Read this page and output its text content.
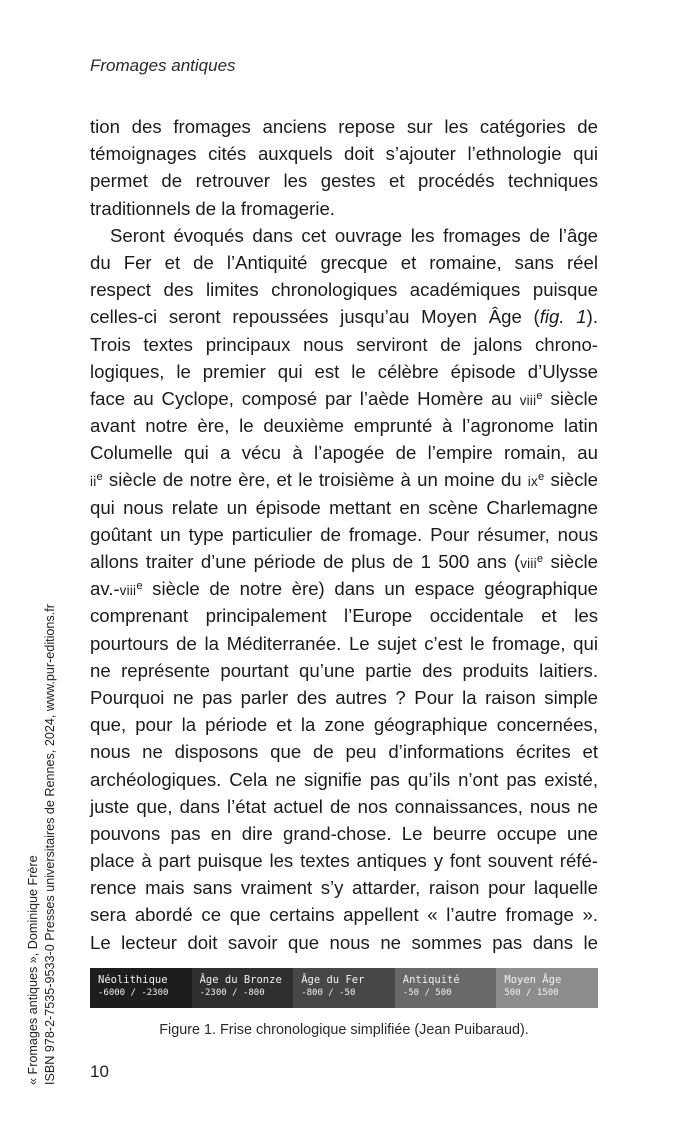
Fromages antiques
tion des fromages anciens repose sur les catégories de
témoignages cités auxquels doit s’ajouter l’ethnologie qui
permet de retrouver les gestes et procédés techniques
traditionnels de la fromagerie.
Seront évoqués dans cet ouvrage les fromages de l’âge
du Fer et de l’Antiquité grecque et romaine, sans réel
respect des limites chronologiques académiques puisque
celles-ci seront repoussées jusqu’au Moyen Âge (fig. 1).
Trois textes principaux nous serviront de jalons chrono-
logiques, le premier qui est le célèbre épisode d’Ulysse
face au Cyclope, composé par l’aède Homère au viii$^e$ siècle
avant notre ère, le deuxième emprunté à l’agronome latin
Columelle qui a vécu à l’apogée de l’empire romain, au
$ii^e$ siècle de notre ère, et le troisième à un moine du $ix^e$ siècle
qui nous relate un épisode mettant en scène Charlemagne
goûtant un type particulier de fromage. Pour résumer, nous
allons traiter d’une période de plus de 1 500 ans (viii$^e$ siècle
av.-viii$^e$ siècle de notre ère) dans un espace géographique
comprenant principalement l’Europe occidentale et les
pourtours de la Méditerranée. Le sujet c’est le fromage, qui
ne représente pourtant qu’une partie des produits laitiers.
Pourquoi ne pas parler des autres ? Pour la raison simple
que, pour la période et la zone géographique concernées,
nous ne disposons que de peu d’informations écrites et
archéologiques. Cela ne signifie pas qu’ils n’ont pas existé,
juste que, dans l’état actuel de nos connaissances, nous ne
pouvons pas en dire grand-chose. Le beurre occupe une
place à part puisque les textes antiques y font souvent réfé-
rence mais sans vraiment s’y attarder, raison pour laquelle
sera abordé ce que certains appellent « l’autre fromage ».
Le lecteur doit savoir que nous ne sommes pas dans le
Néolithique
-6000 / -2300
Âge du Bronze
-2300 / -800
Âge du Fer
-800 / -50
Antiquité
-50 / 500
Moyen Âge
500 / 1500
Figure 1. Frise chronologique simplifiée (Jean Puibaraud).
10
« Fromages antiques », Dominique Frère ISBN 978-2-7535-9533-0 Presses universitaires de Rennes, 2024, www.pur-editions.fr
